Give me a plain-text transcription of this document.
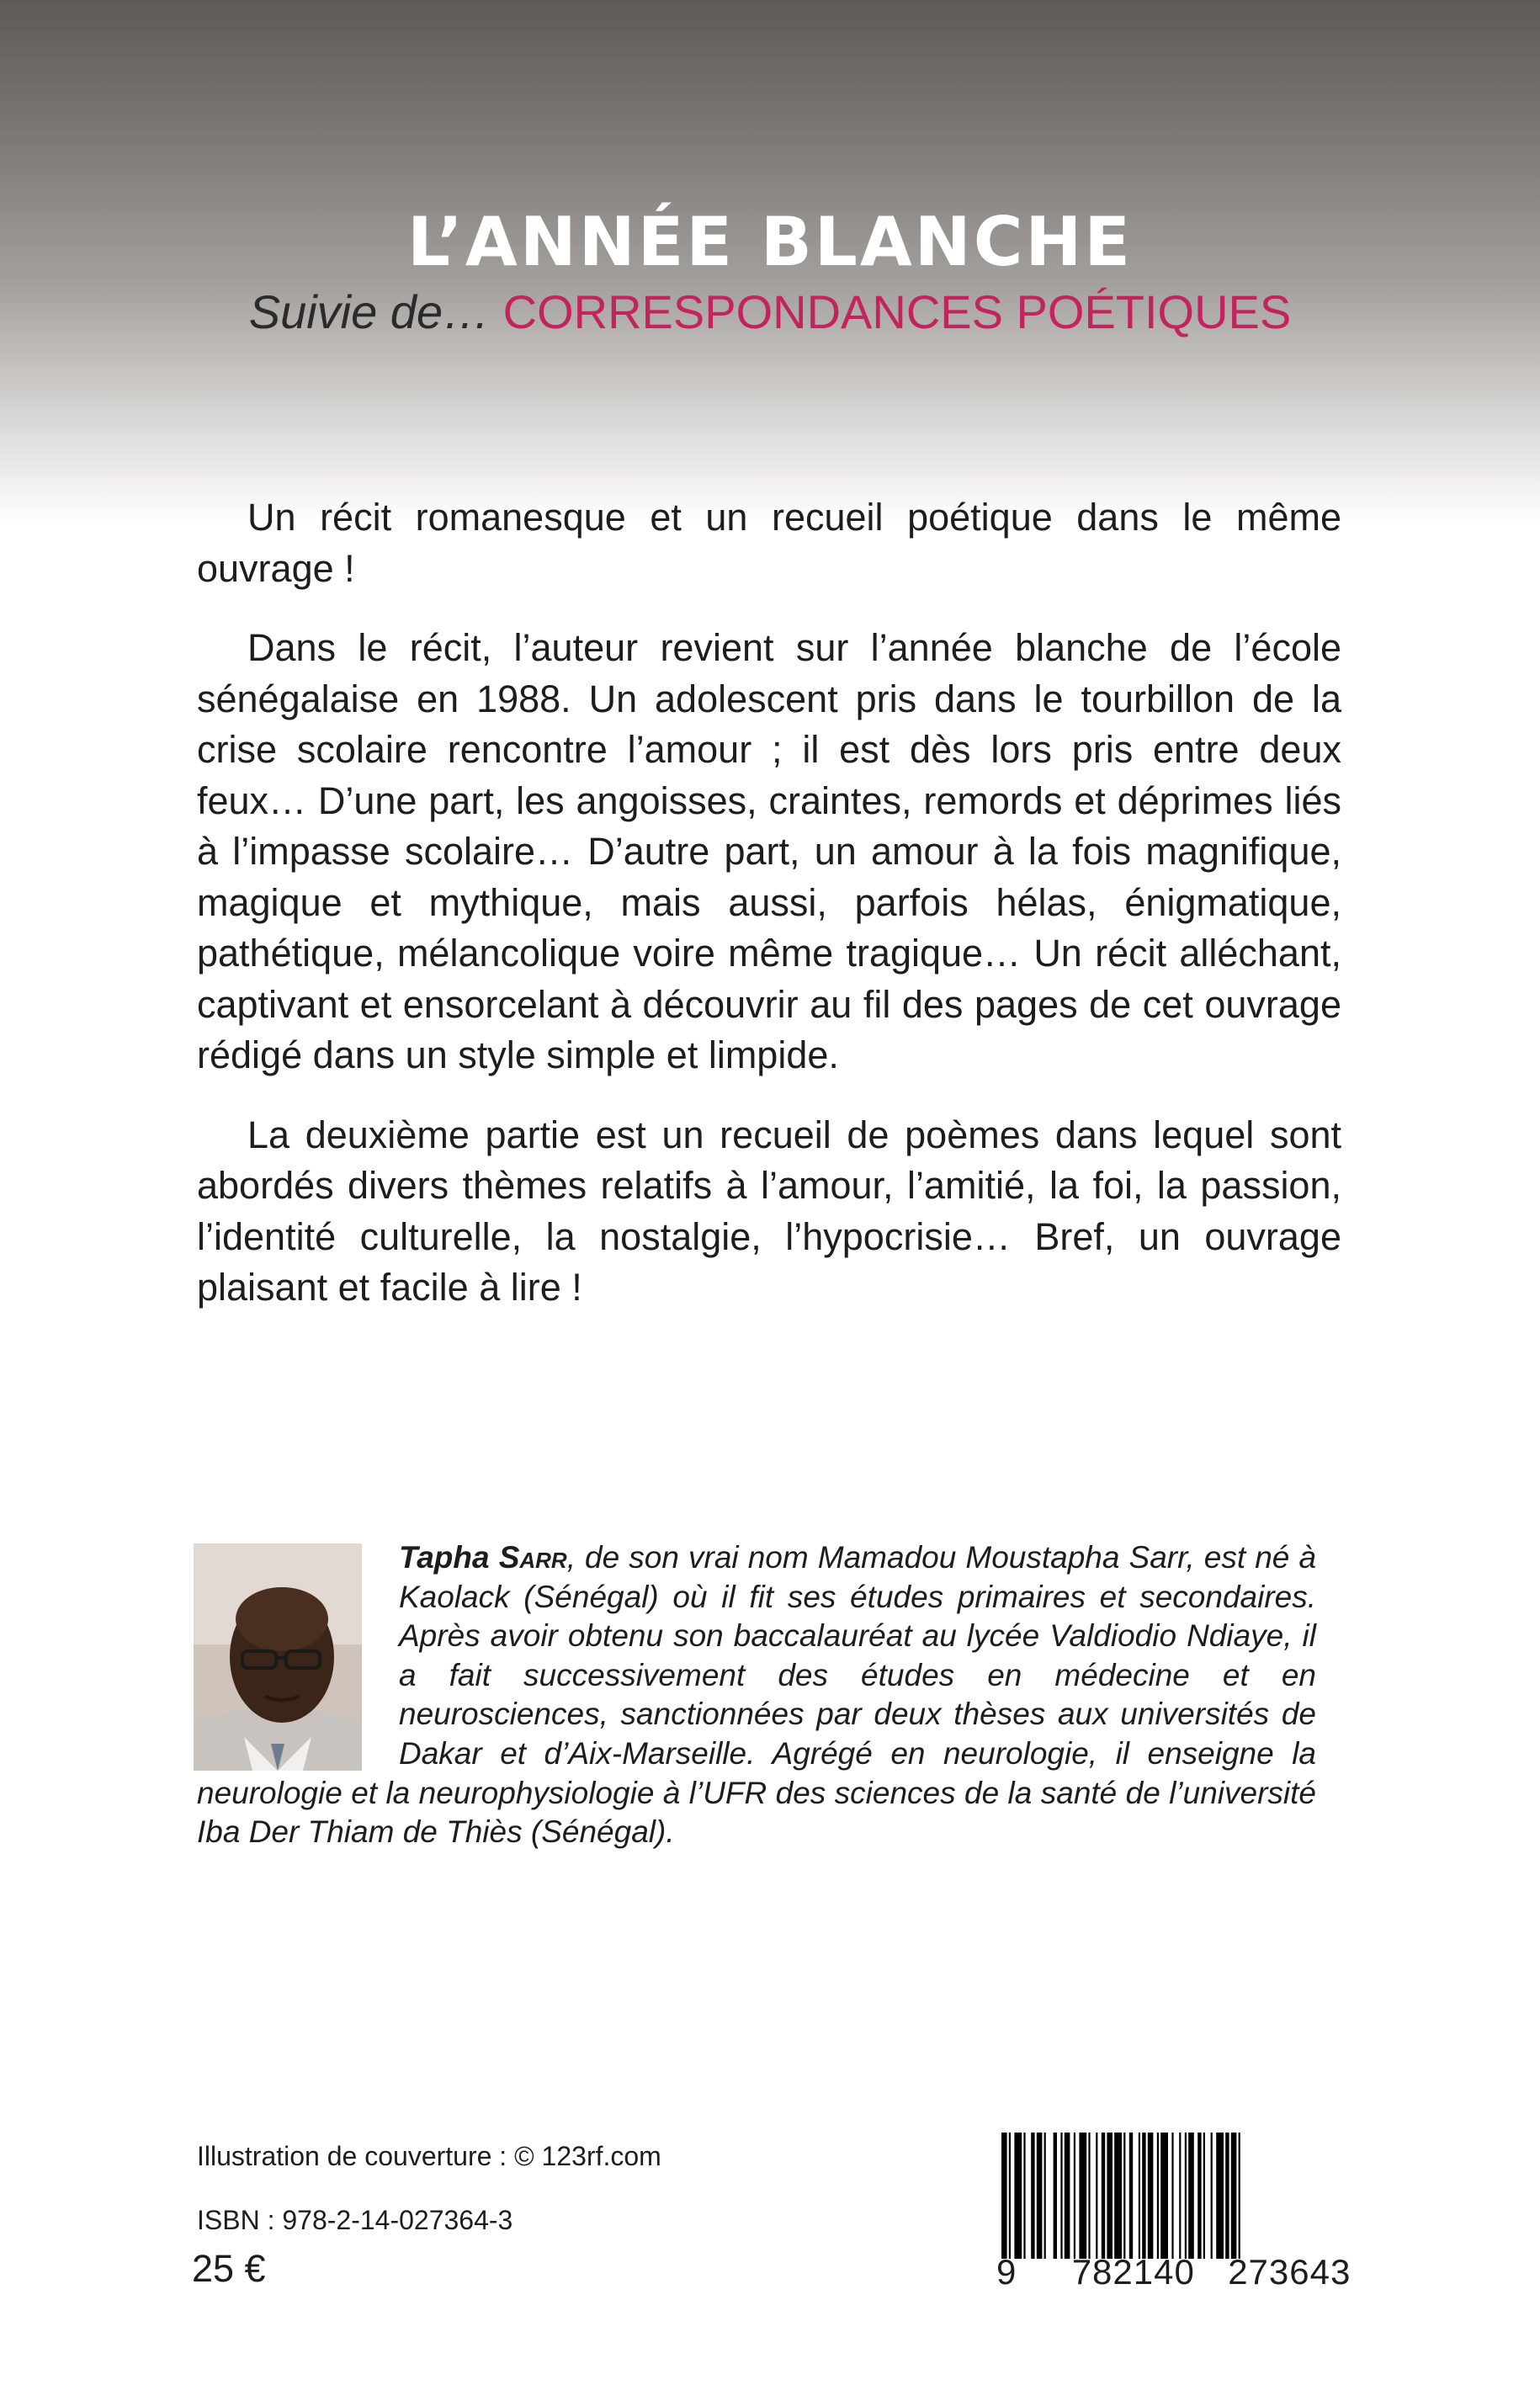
L’ANNÉE BLANCHE
Suivie de… CORRESPONDANCES POÉTIQUES

Un récit romanesque et un recueil poétique dans le même ouvrage !

Dans le récit, l’auteur revient sur l’année blanche de l’école sénégalaise en 1988. Un adolescent pris dans le tourbillon de la crise scolaire rencontre l’amour ; il est dès lors pris entre deux feux… D’une part, les angoisses, craintes, remords et déprimes liés à l’impasse scolaire… D’autre part, un amour à la fois magnifique, magique et mythique, mais aussi, parfois hélas, énigmatique, pathétique, mélancolique voire même tragique… Un récit alléchant, captivant et ensorcelant à découvrir au fil des pages de cet ouvrage rédigé dans un style simple et limpide.

La deuxième partie est un recueil de poèmes dans lequel sont abordés divers thèmes relatifs à l’amour, l’amitié, la foi, la passion, l’identité culturelle, la nostalgie, l’hypocrisie… Bref, un ouvrage plaisant et facile à lire !

Tapha Sarr, de son vrai nom Mamadou Moustapha Sarr, est né à Kaolack (Sénégal) où il fit ses études primaires et secondaires. Après avoir obtenu son baccalauréat au lycée Valdiodio Ndiaye, il a fait successivement des études en médecine et en neurosciences, sanctionnées par deux thèses aux universités de Dakar et d’Aix-Marseille. Agrégé en neurologie, il enseigne la neurologie et la neurophysiologie à l’UFR des sciences de la santé de l’université Iba Der Thiam de Thiès (Sénégal).
Illustration de couverture : © 123rf.com
ISBN : 978-2-14-027364-3
25 €	9 782140 273643
